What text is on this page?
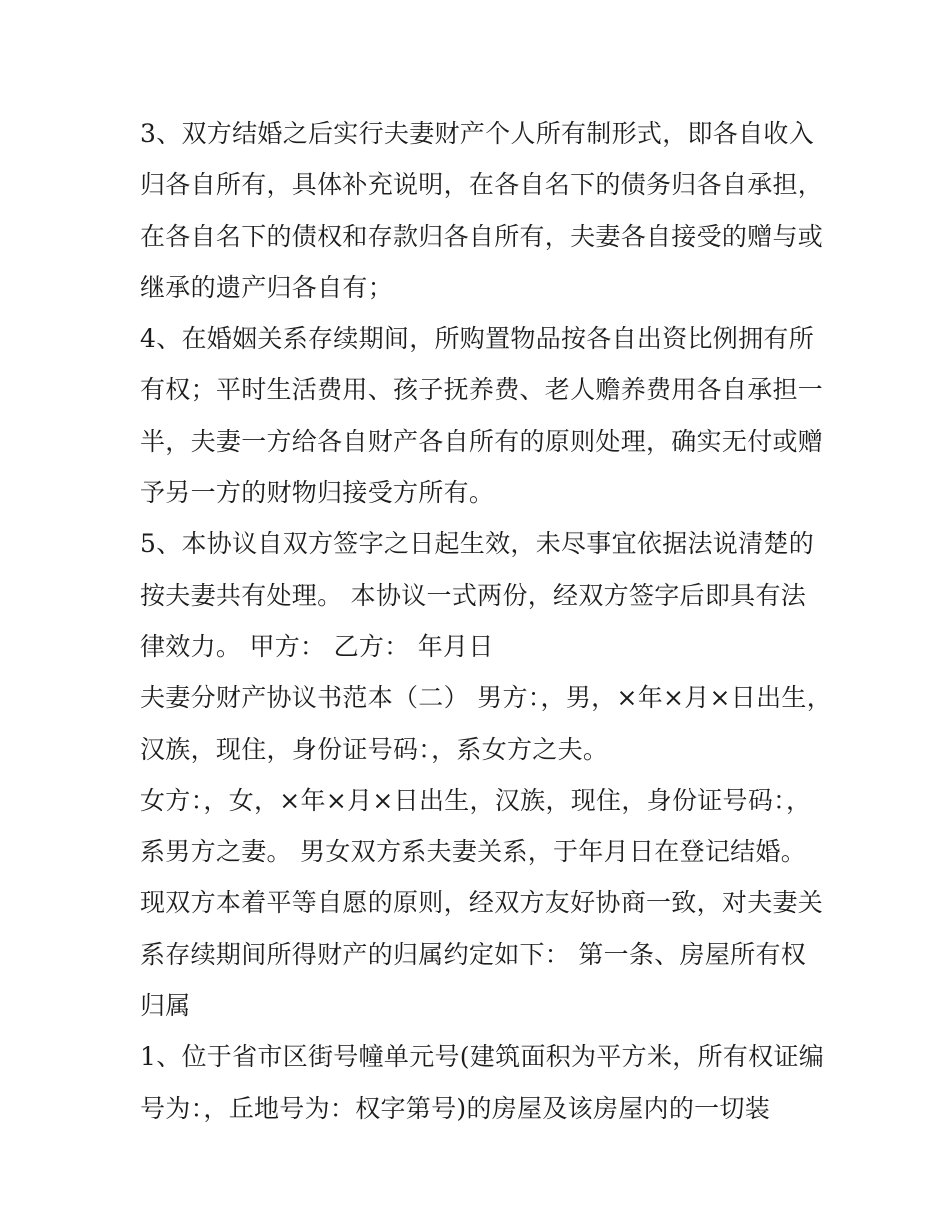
3、双方结婚之后实行夫妻财产个人所有制形式，即各自收入
归各自所有，具体补充说明，在各自名下的债务归各自承担，
在各自名下的债权和存款归各自所有，夫妻各自接受的赠与或
继承的遗产归各自有；
4、在婚姻关系存续期间，所购置物品按各自出资比例拥有所
有权；平时生活费用、孩子抚养费、老人赡养费用各自承担一
半，夫妻一方给各自财产各自所有的原则处理，确实无付或赠
予另一方的财物归接受方所有。
5、本协议自双方签字之日起生效，未尽事宜依据法说清楚的
按夫妻共有处理。 本协议一式两份，经双方签字后即具有法
律效力。 甲方： 乙方： 年月日
夫妻分财产协议书范本（二） 男方：，男，×年×月×日出生，
汉族，现住，身份证号码：，系女方之夫。
女方：，女，×年×月×日出生，汉族，现住，身份证号码：，
系男方之妻。 男女双方系夫妻关系，于年月日在登记结婚。
现双方本着平等自愿的原则，经双方友好协商一致，对夫妻关
系存续期间所得财产的归属约定如下： 第一条、房屋所有权
归属
1、位于省市区街号幢单元号(建筑面积为平方米，所有权证编
号为：，丘地号为：权字第号)的房屋及该房屋内的一切装
